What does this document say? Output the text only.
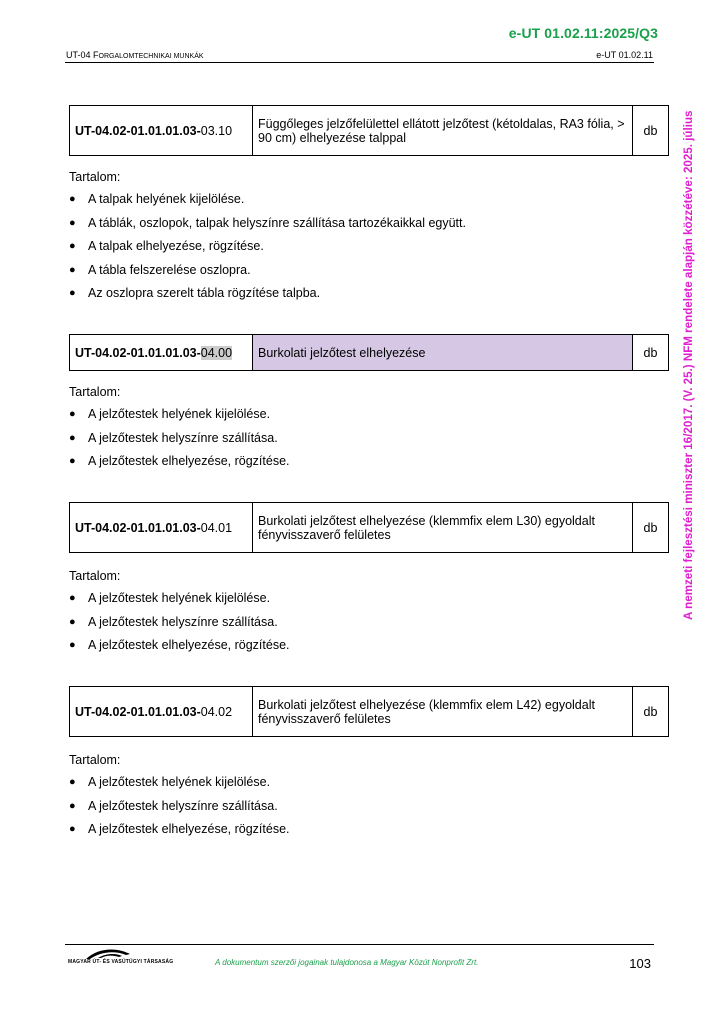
e-UT 01.02.11:2025/Q3
UT-04 FORGALOMTECHNIKAI MUNKÁK	e-UT 01.02.11
A nemzeti fejlesztési miniszter 16/2017. (V. 25.) NFM rendelete alapján közzétéve: 2025. július
UT-04.02-01.01.01.03-03.10	Függőleges jelzőfelülettel ellátott jelzőtest (kétoldalas, RA3 fólia, > 90 cm) elhelyezése talppal	db
Tartalom:
● A talpak helyének kijelölése.
● A táblák, oszlopok, talpak helyszínre szállítása tartozékaikkal együtt.
● A talpak elhelyezése, rögzítése.
● A tábla felszerelése oszlopra.
● Az oszlopra szerelt tábla rögzítése talpba.
UT-04.02-01.01.01.03-04.00	Burkolati jelzőtest elhelyezése	db
Tartalom:
● A jelzőtestek helyének kijelölése.
● A jelzőtestek helyszínre szállítása.
● A jelzőtestek elhelyezése, rögzítése.
UT-04.02-01.01.01.03-04.01	Burkolati jelzőtest elhelyezése (klemmfix elem L30) egyoldalt fényvisszaverő felületes	db
Tartalom:
● A jelzőtestek helyének kijelölése.
● A jelzőtestek helyszínre szállítása.
● A jelzőtestek elhelyezése, rögzítése.
UT-04.02-01.01.01.03-04.02	Burkolati jelzőtest elhelyezése (klemmfix elem L42) egyoldalt fényvisszaverő felületes	db
Tartalom:
● A jelzőtestek helyének kijelölése.
● A jelzőtestek helyszínre szállítása.
● A jelzőtestek elhelyezése, rögzítése.
MAGYAR ÚT- ÉS VASÚTÜGYI TÁRSASÁG	A dokumentum szerzői jogainak tulajdonosa a Magyar Közút Nonprofit Zrt.	103
